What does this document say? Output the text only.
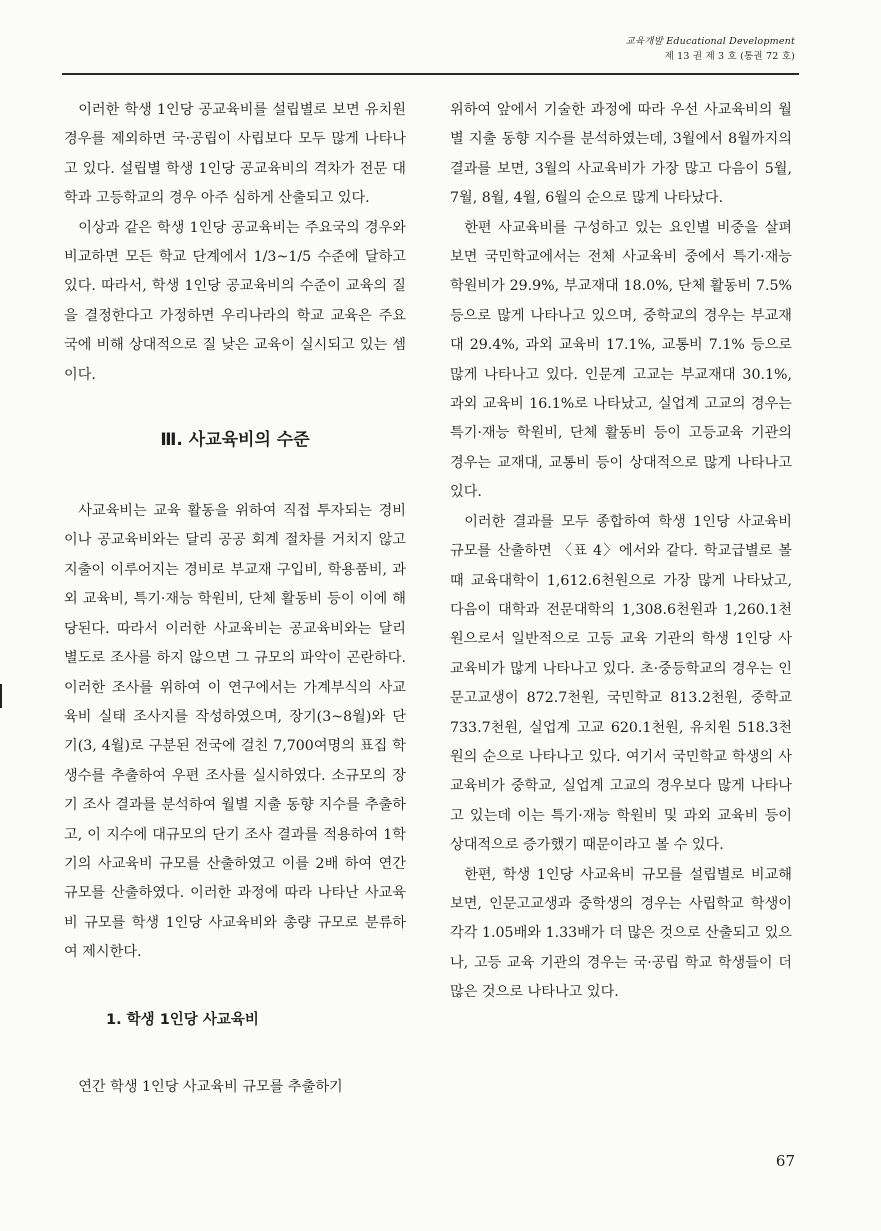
교육개발 Educational Development
제 13 권 제 3 호 (통권 72 호)

이러한 학생 1인당 공교육비를 설립별로 보면 유치원 경우를 제외하면 국·공립이 사립보다 모두 많게 나타나고 있다. 설립별 학생 1인당 공교육비의 격차가 전문 대학과 고등학교의 경우 아주 심하게 산출되고 있다.

이상과 같은 학생 1인당 공교육비는 주요국의 경우와 비교하면 모든 학교 단계에서 1/3~1/5 수준에 달하고 있다. 따라서, 학생 1인당 공교육비의 수준이 교육의 질을 결정한다고 가정하면 우리나라의 학교 교육은 주요국에 비해 상대적으로 질 낮은 교육이 실시되고 있는 셈이다.

Ⅲ. 사교육비의 수준

사교육비는 교육 활동을 위하여 직접 투자되는 경비이나 공교육비와는 달리 공공 회계 절차를 거치지 않고 지출이 이루어지는 경비로 부교재 구입비, 학용품비, 과외 교육비, 특기·재능 학원비, 단체 활동비 등이 이에 해당된다. 따라서 이러한 사교육비는 공교육비와는 달리 별도로 조사를 하지 않으면 그 규모의 파악이 곤란하다. 이러한 조사를 위하여 이 연구에서는 가계부식의 사교육비 실태 조사지를 작성하였으며, 장기(3~8월)와 단기(3, 4월)로 구분된 전국에 걸친 7,700여명의 표집 학생수를 추출하여 우편 조사를 실시하였다. 소규모의 장기 조사 결과를 분석하여 월별 지출 동향 지수를 추출하고, 이 지수에 대규모의 단기 조사 결과를 적용하여 1학기의 사교육비 규모를 산출하였고 이를 2배 하여 연간 규모를 산출하였다. 이러한 과정에 따라 나타난 사교육비 규모를 학생 1인당 사교육비와 총량 규모로 분류하여 제시한다.

1. 학생 1인당 사교육비

연간 학생 1인당 사교육비 규모를 추출하기

위하여 앞에서 기술한 과정에 따라 우선 사교육비의 월별 지출 동향 지수를 분석하였는데, 3월에서 8월까지의 결과를 보면, 3월의 사교육비가 가장 많고 다음이 5월, 7월, 8월, 4월, 6월의 순으로 많게 나타났다.

한편 사교육비를 구성하고 있는 요인별 비중을 살펴 보면 국민학교에서는 전체 사교육비 중에서 특기·재능 학원비가 29.9%, 부교재대 18.0%, 단체 활동비 7.5% 등으로 많게 나타나고 있으며, 중학교의 경우는 부교재대 29.4%, 과외 교육비 17.1%, 교통비 7.1% 등으로 많게 나타나고 있다. 인문계 고교는 부교재대 30.1%, 과외 교육비 16.1%로 나타났고, 실업계 고교의 경우는 특기·재능 학원비, 단체 활동비 등이 고등교육 기관의 경우는 교재대, 교통비 등이 상대적으로 많게 나타나고 있다.

이러한 결과를 모두 종합하여 학생 1인당 사교육비 규모를 산출하면 〈표 4〉에서와 같다. 학교급별로 볼 때 교육대학이 1,612.6천원으로 가장 많게 나타났고, 다음이 대학과 전문대학의 1,308.6천원과 1,260.1천원으로서 일반적으로 고등 교육 기관의 학생 1인당 사교육비가 많게 나타나고 있다. 초·중등학교의 경우는 인문고교생이 872.7천원, 국민학교 813.2천원, 중학교 733.7천원, 실업계 고교 620.1천원, 유치원 518.3천원의 순으로 나타나고 있다. 여기서 국민학교 학생의 사교육비가 중학교, 실업계 고교의 경우보다 많게 나타나고 있는데 이는 특기·재능 학원비 및 과외 교육비 등이 상대적으로 증가했기 때문이라고 볼 수 있다.

한편, 학생 1인당 사교육비 규모를 설립별로 비교해 보면, 인문고교생과 중학생의 경우는 사립학교 학생이 각각 1.05배와 1.33배가 더 많은 것으로 산출되고 있으나, 고등 교육 기관의 경우는 국·공립 학교 학생들이 더 많은 것으로 나타나고 있다.

67
